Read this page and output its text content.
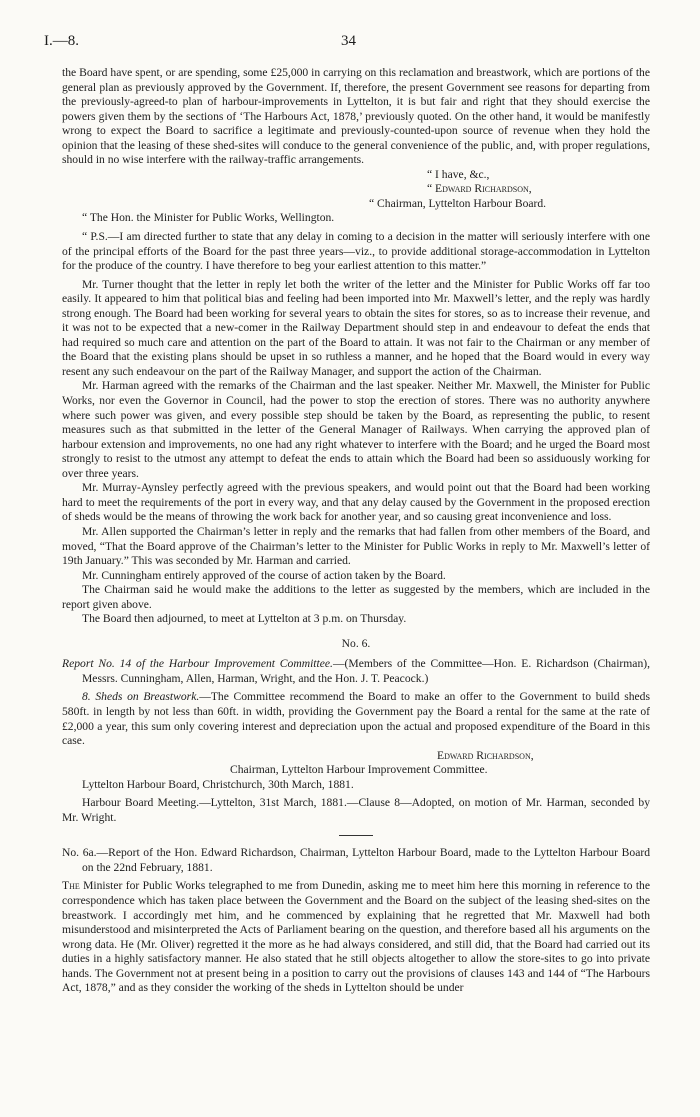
I.—8.	34

the Board have spent, or are spending, some £25,000 in carrying on this reclamation and breastwork, which are portions of the general plan as previously approved by the Government. If, therefore, the present Government see reasons for departing from the previously-agreed-to plan of harbour-improvements in Lyttelton, it is but fair and right that they should exercise the powers given them by the sections of ‘The Harbours Act, 1878,’ previously quoted. On the other hand, it would be manifestly wrong to expect the Board to sacrifice a legitimate and previously-counted-upon source of revenue when they hold the opinion that the leasing of these shed-sites will conduce to the general convenience of the public, and, with proper regulations, should in no wise interfere with the railway-traffic arrangements.

“ I have, &c.,

“ Edward Richardson,

“ Chairman, Lyttelton Harbour Board.

“ The Hon. the Minister for Public Works, Wellington.

“ P.S.—I am directed further to state that any delay in coming to a decision in the matter will seriously interfere with one of the principal efforts of the Board for the past three years—viz., to provide additional storage-accommodation in Lyttelton for the produce of the country. I have therefore to beg your earliest attention to this matter.”

Mr. Turner thought that the letter in reply let both the writer of the letter and the Minister for Public Works off far too easily. It appeared to him that political bias and feeling had been imported into Mr. Maxwell’s letter, and the reply was hardly strong enough. The Board had been working for several years to obtain the sites for stores, so as to increase their revenue, and it was not to be expected that a new-comer in the Railway Department should step in and endeavour to defeat the ends that had required so much care and attention on the part of the Board to attain. It was not fair to the Chairman or any member of the Board that the existing plans should be upset in so ruthless a manner, and he hoped that the Board would in every way resent any such endeavour on the part of the Railway Manager, and support the action of the Chairman.

Mr. Harman agreed with the remarks of the Chairman and the last speaker. Neither Mr. Maxwell, the Minister for Public Works, nor even the Governor in Council, had the power to stop the erection of stores. There was no authority anywhere where such power was given, and every possible step should be taken by the Board, as representing the public, to resent measures such as that submitted in the letter of the General Manager of Railways. When carrying the approved plan of harbour extension and improvements, no one had any right whatever to interfere with the Board; and he urged the Board most strongly to resist to the utmost any attempt to defeat the ends to attain which the Board had been so assiduously working for over three years.

Mr. Murray-Aynsley perfectly agreed with the previous speakers, and would point out that the Board had been working hard to meet the requirements of the port in every way, and that any delay caused by the Government in the proposed erection of sheds would be the means of throwing the work back for another year, and so causing great inconvenience and loss.

Mr. Allen supported the Chairman’s letter in reply and the remarks that had fallen from other members of the Board, and moved, “That the Board approve of the Chairman’s letter to the Minister for Public Works in reply to Mr. Maxwell’s letter of 19th January.” This was seconded by Mr. Harman and carried.

Mr. Cunningham entirely approved of the course of action taken by the Board.

The Chairman said he would make the additions to the letter as suggested by the members, which are included in the report given above.

The Board then adjourned, to meet at Lyttelton at 3 p.m. on Thursday.

No. 6.

Report No. 14 of the Harbour Improvement Committee.—(Members of the Committee—Hon. E. Richardson (Chairman), Messrs. Cunningham, Allen, Harman, Wright, and the Hon. J. T. Peacock.)

8. Sheds on Breastwork.—The Committee recommend the Board to make an offer to the Government to build sheds 580ft. in length by not less than 60ft. in width, providing the Government pay the Board a rental for the same at the rate of £2,000 a year, this sum only covering interest and depreciation upon the actual and proposed expenditure of the Board in this case.

Edward Richardson,

Chairman, Lyttelton Harbour Improvement Committee.

Lyttelton Harbour Board, Christchurch, 30th March, 1881.

Harbour Board Meeting.—Lyttelton, 31st March, 1881.—Clause 8—Adopted, on motion of Mr. Harman, seconded by Mr. Wright.

No. 6a.—Report of the Hon. Edward Richardson, Chairman, Lyttelton Harbour Board, made to the Lyttelton Harbour Board on the 22nd February, 1881.

The Minister for Public Works telegraphed to me from Dunedin, asking me to meet him here this morning in reference to the correspondence which has taken place between the Government and the Board on the subject of the leasing shed-sites on the breastwork. I accordingly met him, and he commenced by explaining that he regretted that Mr. Maxwell had both misunderstood and misinterpreted the Acts of Parliament bearing on the question, and therefore based all his arguments on the wrong data. He (Mr. Oliver) regretted it the more as he had always considered, and still did, that the Board had carried out its duties in a highly satisfactory manner. He also stated that he still objects altogether to allow the store-sites to go into private hands. The Government not at present being in a position to carry out the provisions of clauses 143 and 144 of “The Harbours Act, 1878,” and as they consider the working of the sheds in Lyttelton should be under
